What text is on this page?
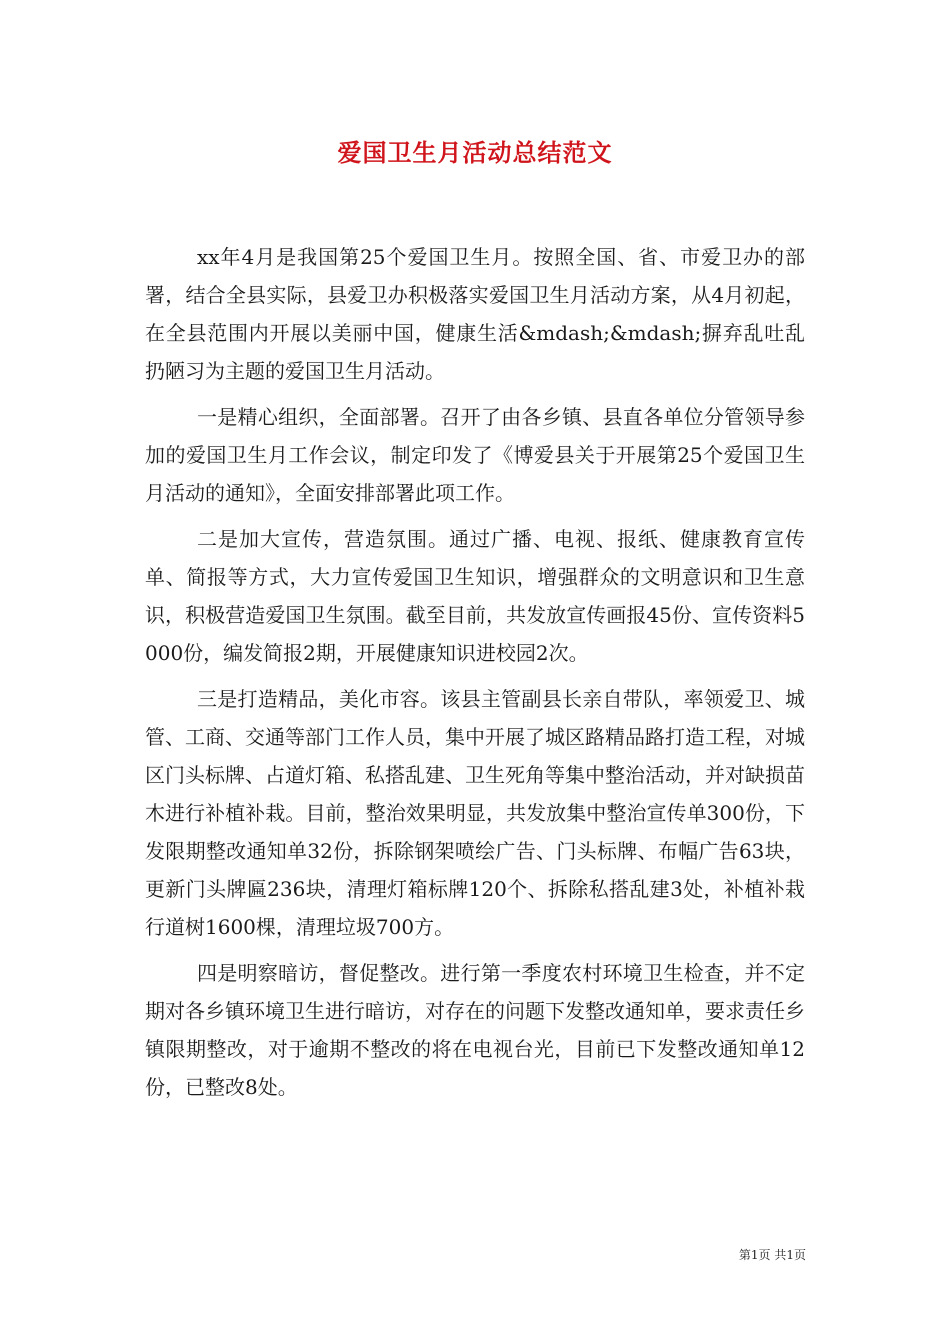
爱国卫生月活动总结范文

xx年4月是我国第25个爱国卫生月。按照全国、省、市爱卫办的部署，结合全县实际，县爱卫办积极落实爱国卫生月活动方案，从4月初起，在全县范围内开展以美丽中国，健康生活&mdash;&mdash;摒弃乱吐乱扔陋习为主题的爱国卫生月活动。

一是精心组织，全面部署。召开了由各乡镇、县直各单位分管领导参加的爱国卫生月工作会议，制定印发了《博爱县关于开展第25个爱国卫生月活动的通知》，全面安排部署此项工作。

二是加大宣传，营造氛围。通过广播、电视、报纸、健康教育宣传单、简报等方式，大力宣传爱国卫生知识，增强群众的文明意识和卫生意识，积极营造爱国卫生氛围。截至目前，共发放宣传画报45份、宣传资料5000份，编发简报2期，开展健康知识进校园2次。

三是打造精品，美化市容。该县主管副县长亲自带队，率领爱卫、城管、工商、交通等部门工作人员，集中开展了城区路精品路打造工程，对城区门头标牌、占道灯箱、私搭乱建、卫生死角等集中整治活动，并对缺损苗木进行补植补栽。目前，整治效果明显，共发放集中整治宣传单300份，下发限期整改通知单32份，拆除钢架喷绘广告、门头标牌、布幅广告63块，更新门头牌匾236块，清理灯箱标牌120个、拆除私搭乱建3处，补植补栽行道树1600棵，清理垃圾700方。

四是明察暗访，督促整改。进行第一季度农村环境卫生检查，并不定期对各乡镇环境卫生进行暗访，对存在的问题下发整改通知单，要求责任乡镇限期整改，对于逾期不整改的将在电视台光，目前已下发整改通知单12份，已整改8处。

第1页 共1页
